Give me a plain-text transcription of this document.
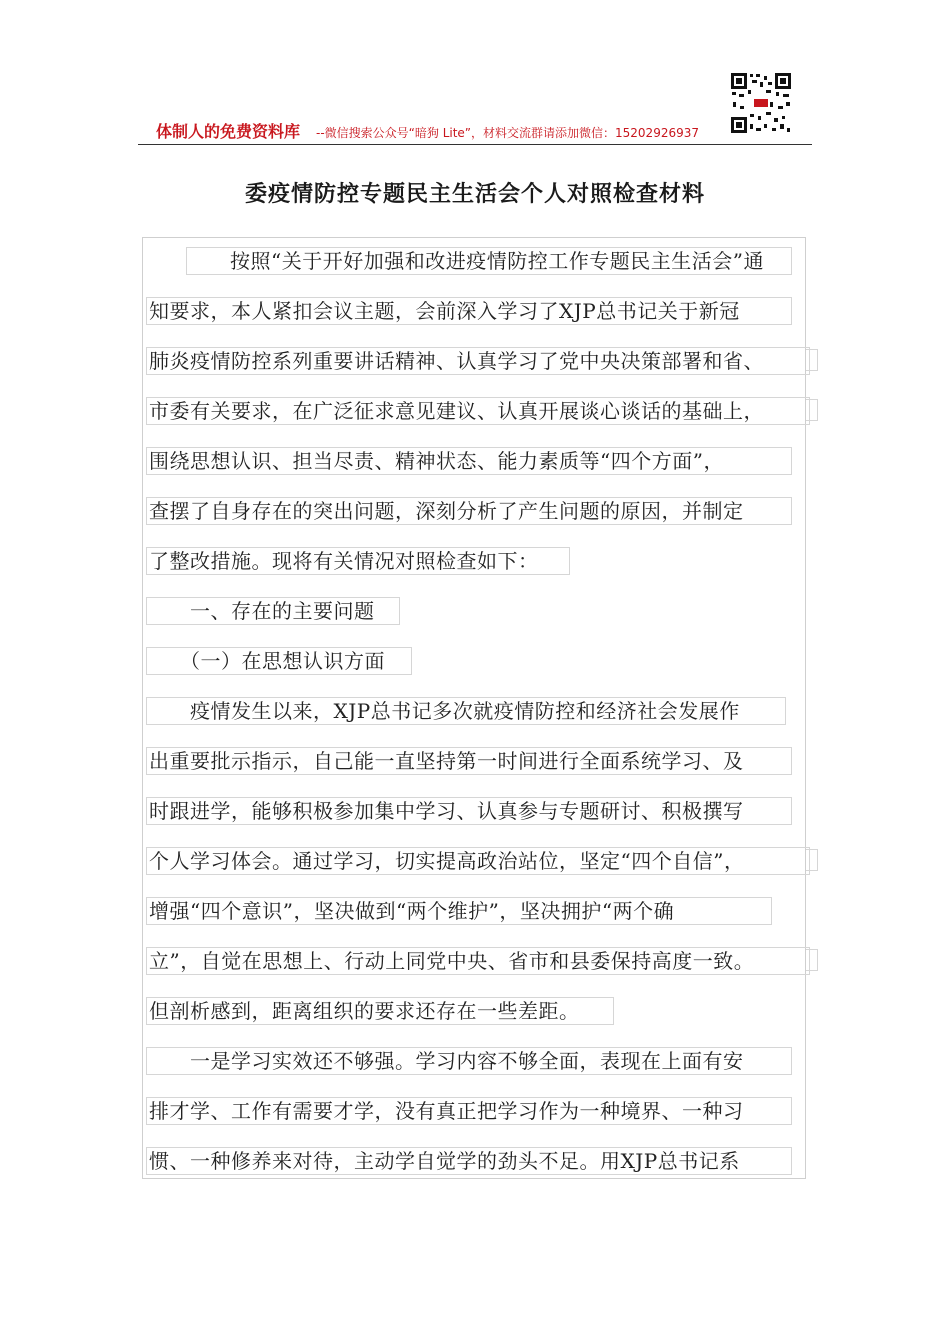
体制人的免费资料库 --微信搜索公众号“暗狗 Lite”，材料交流群请添加微信：15202926937
委疫情防控专题民主生活会个人对照检查材料
　　按照“关于开好加强和改进疫情防控工作专题民主生活会”通
知要求，本人紧扣会议主题，会前深入学习了XJP总书记关于新冠
肺炎疫情防控系列重要讲话精神、认真学习了党中央决策部署和省、
市委有关要求，在广泛征求意见建议、认真开展谈心谈话的基础上，
围绕思想认识、担当尽责、精神状态、能力素质等“四个方面”，
查摆了自身存在的突出问题，深刻分析了产生问题的原因，并制定
了整改措施。现将有关情况对照检查如下：
　　一、存在的主要问题
　　（一）在思想认识方面
　　疫情发生以来，XJP总书记多次就疫情防控和经济社会发展作
出重要批示指示，自己能一直坚持第一时间进行全面系统学习、及
时跟进学，能够积极参加集中学习、认真参与专题研讨、积极撰写
个人学习体会。通过学习，切实提高政治站位，坚定“四个自信”，
增强“四个意识”，坚决做到“两个维护”，坚决拥护“两个确
立”，自觉在思想上、行动上同党中央、省市和县委保持高度一致。
但剖析感到，距离组织的要求还存在一些差距。
　　一是学习实效还不够强。学习内容不够全面，表现在上面有安
排才学、工作有需要才学，没有真正把学习作为一种境界、一种习
惯、一种修养来对待，主动学自觉学的劲头不足。用XJP总书记系
